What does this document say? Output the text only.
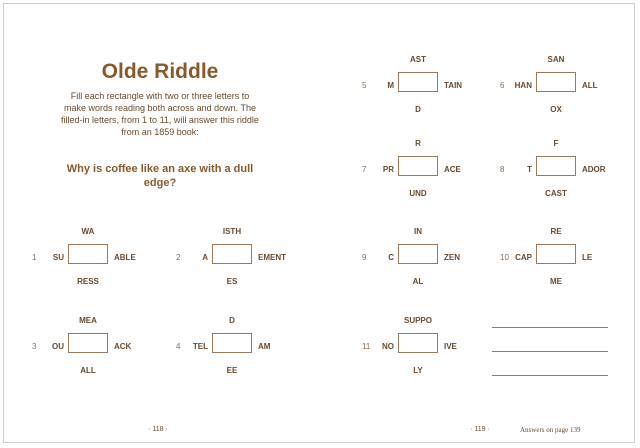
Olde Riddle
Fill each rectangle with two or three letters to make words reading both across and down. The filled-in letters, from 1 to 11, will answer this riddle from an 1859 book:
Why is coffee like an axe with a dull edge?
1
WA
SU	ABLE
RESS
2
ISTH
A	EMENT
ES
3
MEA
OU	ACK
ALL
4
D
TEL	AM
EE
5
AST
M	TAIN
D
6
SAN
HAN	ALL
OX
7
R
PR	ACE
UND
8
F
T	ADOR
CAST
9
IN
C	ZEN
AL
10
RE
CAP	LE
ME
11
SUPPO
NO	IVE
LY
· 118 ·	· 119 ·	Answers on page 139
